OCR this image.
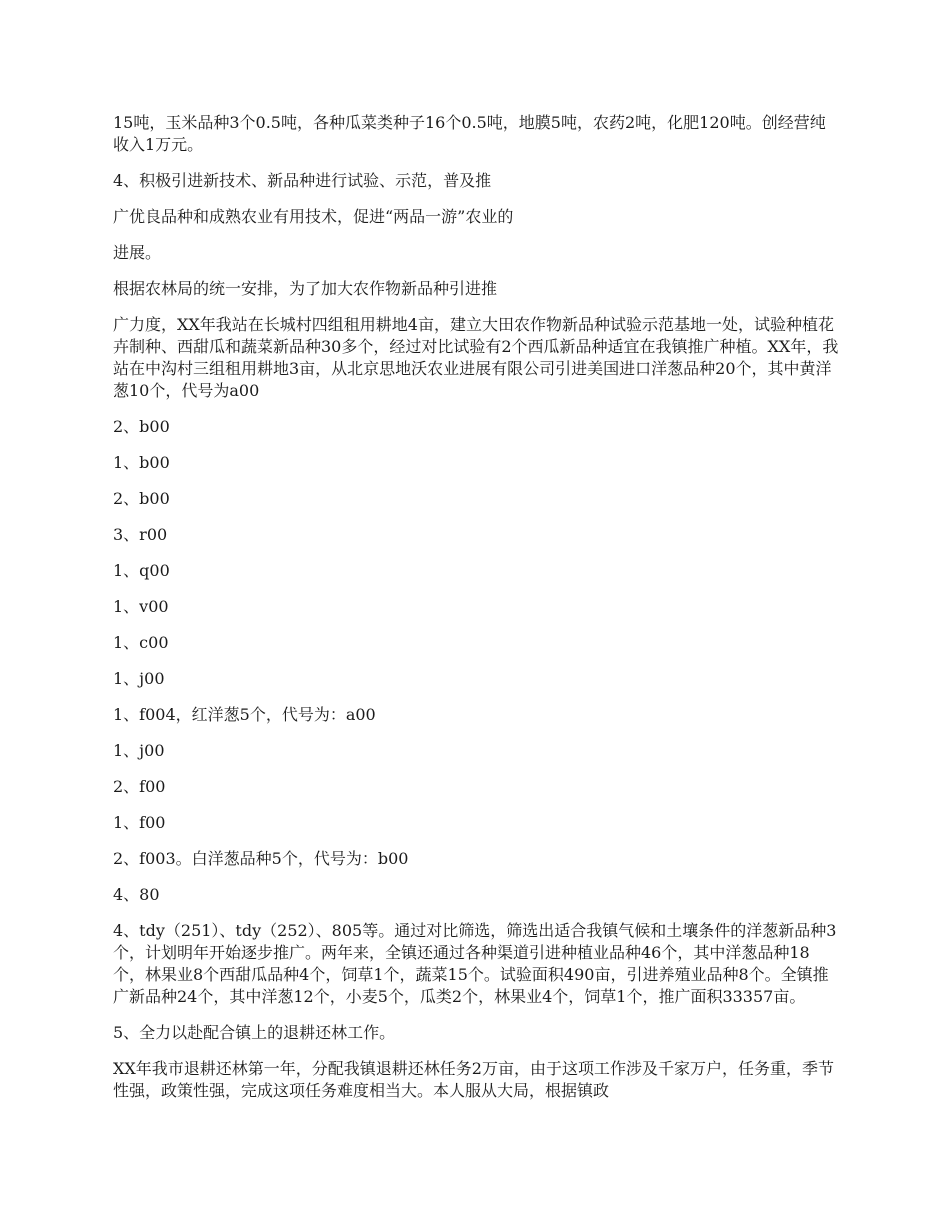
15吨，玉米品种3个0.5吨，各种瓜菜类种子16个0.5吨，地膜5吨，农药2吨，化肥120吨。创经营纯收入1万元。

4、积极引进新技术、新品种进行试验、示范，普及推

广优良品种和成熟农业有用技术，促进“两品一游”农业的

进展。

根据农林局的统一安排，为了加大农作物新品种引进推

广力度，XX年我站在长城村四组租用耕地4亩，建立大田农作物新品种试验示范基地一处，试验种植花卉制种、西甜瓜和蔬菜新品种30多个，经过对比试验有2个西瓜新品种适宜在我镇推广种植。XX年，我站在中沟村三组租用耕地3亩，从北京思地沃农业进展有限公司引进美国进口洋葱品种20个，其中黄洋葱10个，代号为a00

2、b00

1、b00

2、b00

3、r00

1、q00

1、v00

1、c00

1、j00

1、f004，红洋葱5个，代号为：a00

1、j00

2、f00

1、f00

2、f003。白洋葱品种5个，代号为：b00

4、80

4、tdy（251）、tdy（252）、805等。通过对比筛选，筛选出适合我镇气候和土壤条件的洋葱新品种3个，计划明年开始逐步推广。两年来，全镇还通过各种渠道引进种植业品种46个，其中洋葱品种18个，林果业8个西甜瓜品种4个，饲草1个，蔬菜15个。试验面积490亩，引进养殖业品种8个。全镇推广新品种24个，其中洋葱12个，小麦5个，瓜类2个，林果业4个，饲草1个，推广面积33357亩。

5、全力以赴配合镇上的退耕还林工作。

XX年我市退耕还林第一年，分配我镇退耕还林任务2万亩，由于这项工作涉及千家万户，任务重，季节性强，政策性强，完成这项任务难度相当大。本人服从大局，根据镇政
